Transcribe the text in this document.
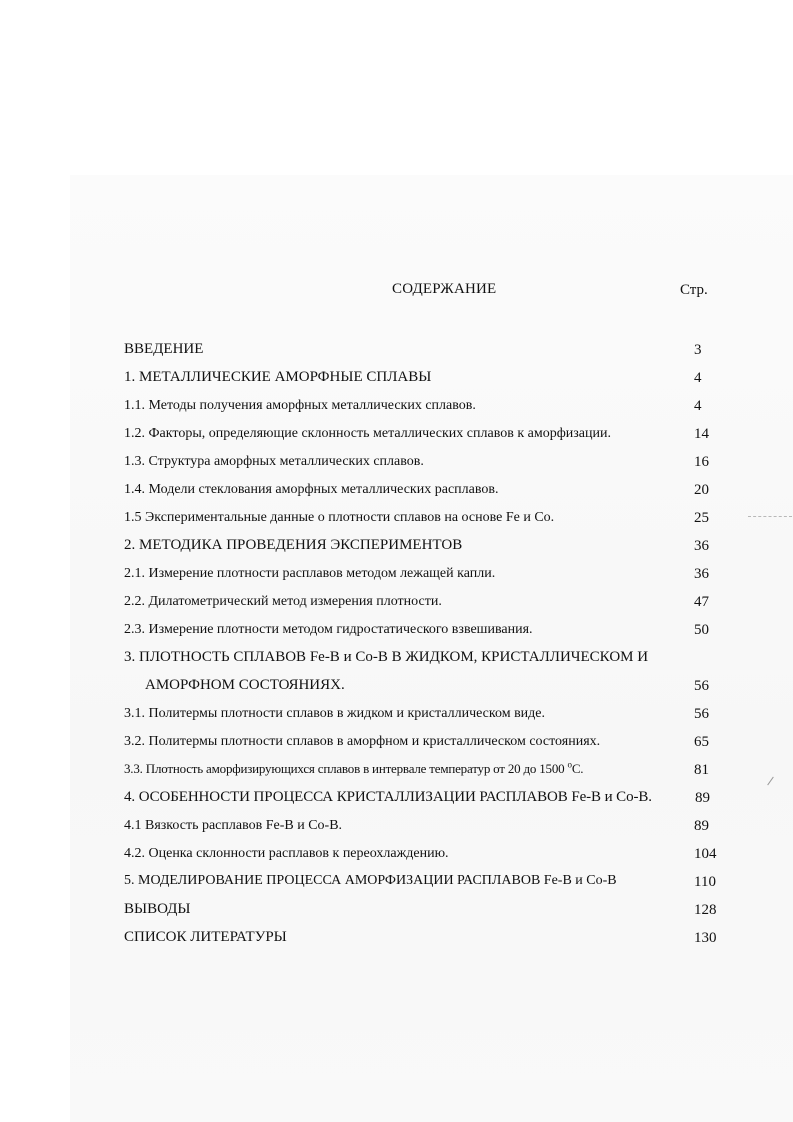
СОДЕРЖАНИЕ	Стр.
ВВЕДЕНИЕ	3
1. МЕТАЛЛИЧЕСКИЕ АМОРФНЫЕ СПЛАВЫ	4
1.1. Методы получения аморфных металлических сплавов.	4
1.2. Факторы, определяющие склонность металлических сплавов к аморфизации.	14
1.3. Структура аморфных металлических сплавов.	16
1.4. Модели стеклования аморфных металлических расплавов.	20
1.5 Экспериментальные данные о плотности сплавов на основе Fe и Со.	25
2. МЕТОДИКА ПРОВЕДЕНИЯ ЭКСПЕРИМЕНТОВ	36
2.1. Измерение плотности расплавов методом лежащей капли.	36
2.2. Дилатометрический метод измерения плотности.	47
2.3. Измерение плотности методом гидростатического взвешивания.	50
3. ПЛОТНОСТЬ СПЛАВОВ Fe-B и Co-B В ЖИДКОМ, КРИСТАЛЛИЧЕСКОМ И
АМОРФНОМ СОСТОЯНИЯХ.	56
3.1. Политермы плотности сплавов в жидком и кристаллическом виде.	56
3.2. Политермы плотности сплавов в аморфном и кристаллическом состояниях.	65
3.3. Плотность аморфизирующихся сплавов в интервале температур от 20 до 1500 $^o$С.	81
4. ОСОБЕННОСТИ ПРОЦЕССА КРИСТАЛЛИЗАЦИИ РАСПЛАВОВ Fe-B и Co-B.	89
4.1 Вязкость расплавов Fe-B и Co-B.	89
4.2. Оценка склонности расплавов к переохлаждению.	104
5. МОДЕЛИРОВАНИЕ ПРОЦЕССА АМОРФИЗАЦИИ РАСПЛАВОВ Fe-B и Co-B	110
ВЫВОДЫ	128
СПИСОК ЛИТЕРАТУРЫ	130
